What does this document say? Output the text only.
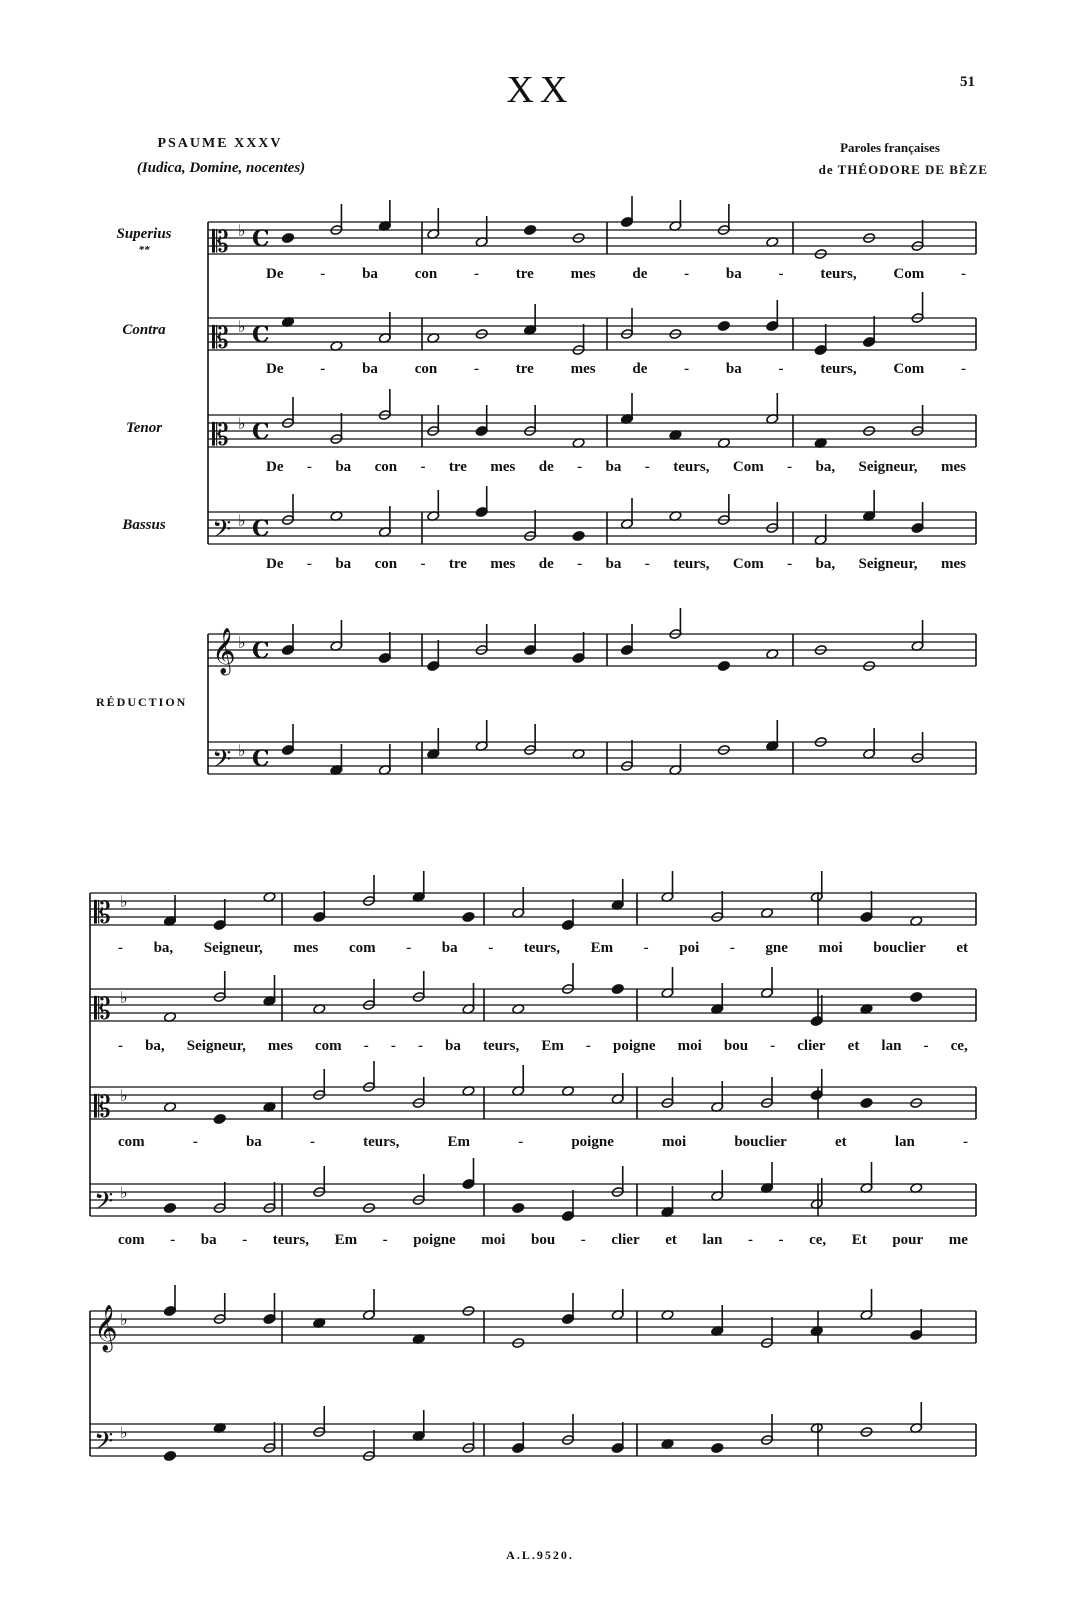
XX	51
PSAUME XXXV
(Iudica, Domine, nocentes)
Paroles françaises
de THÉODORE DE BÈZE
Superius
**
Contra
Tenor
Bassus
RÉDUCTION
𝄡 ♭ C
𝄡 ♭ C
𝄡 ♭ C
𝄢 ♭ C
𝄞 ♭ C
𝄢 ♭ C
𝄡 ♭
𝄡 ♭
𝄡 ♭
𝄢 ♭
𝄞 ♭
𝄢 ♭
De - ba con - tre mes de - ba - teurs, Com -
De - ba con - tre mes de - ba - teurs, Com -
De - ba con - tre mes de - ba - teurs, Com - ba, Seigneur, mes
De - ba con - tre mes de - ba - teurs, Com - ba, Seigneur, mes
- ba, Seigneur, mes com - ba - teurs, Em - poi - gne moi bouclier et
- ba, Seigneur, mes com - - - ba teurs, Em - poigne moi bou - clier et lan - ce,
com	-	ba	-	teurs,	Em	-	poigne	moi	bouclier	et	lan	-
com - ba - teurs, Em - poigne moi bou - clier et lan - - ce, Et pour me
A.L.9520.
